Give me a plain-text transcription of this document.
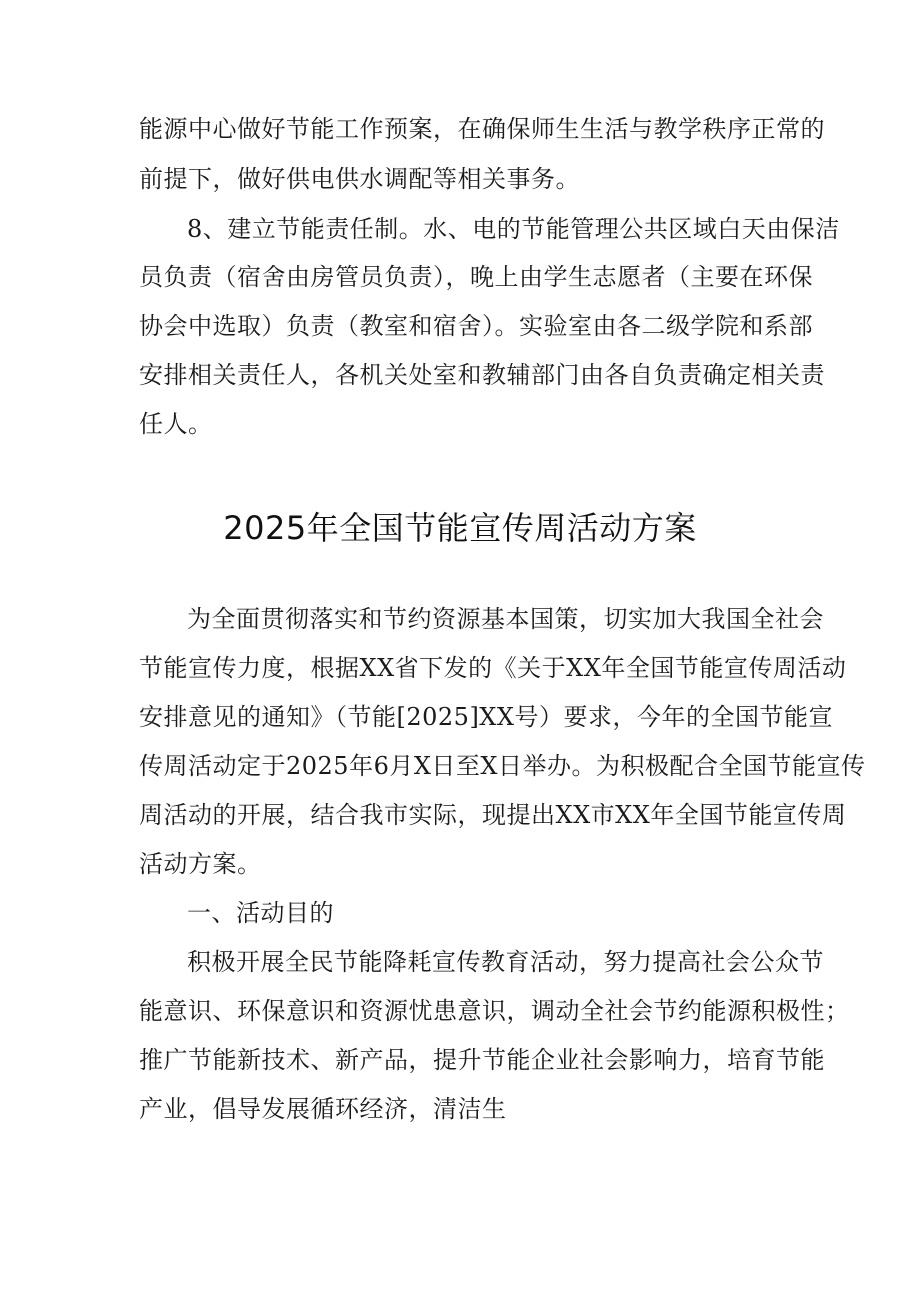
能源中心做好节能工作预案，在确保师生生活与教学秩序正常的
前提下，做好供电供水调配等相关事务。
8、建立节能责任制。水、电的节能管理公共区域白天由保洁
员负责（宿舍由房管员负责），晚上由学生志愿者（主要在环保
协会中选取）负责（教室和宿舍）。实验室由各二级学院和系部
安排相关责任人，各机关处室和教辅部门由各自负责确定相关责
任人。
2025年全国节能宣传周活动方案
为全面贯彻落实和节约资源基本国策，切实加大我国全社会
节能宣传力度，根据XX省下发的《关于XX年全国节能宣传周活动
安排意见的通知》（节能[2025]XX号）要求，今年的全国节能宣
传周活动定于2025年6月X日至X日举办。为积极配合全国节能宣传
周活动的开展，结合我市实际，现提出XX市XX年全国节能宣传周
活动方案。
一、活动目的
积极开展全民节能降耗宣传教育活动，努力提高社会公众节
能意识、环保意识和资源忧患意识，调动全社会节约能源积极性；
推广节能新技术、新产品，提升节能企业社会影响力，培育节能
产业，倡导发展循环经济，清洁生
